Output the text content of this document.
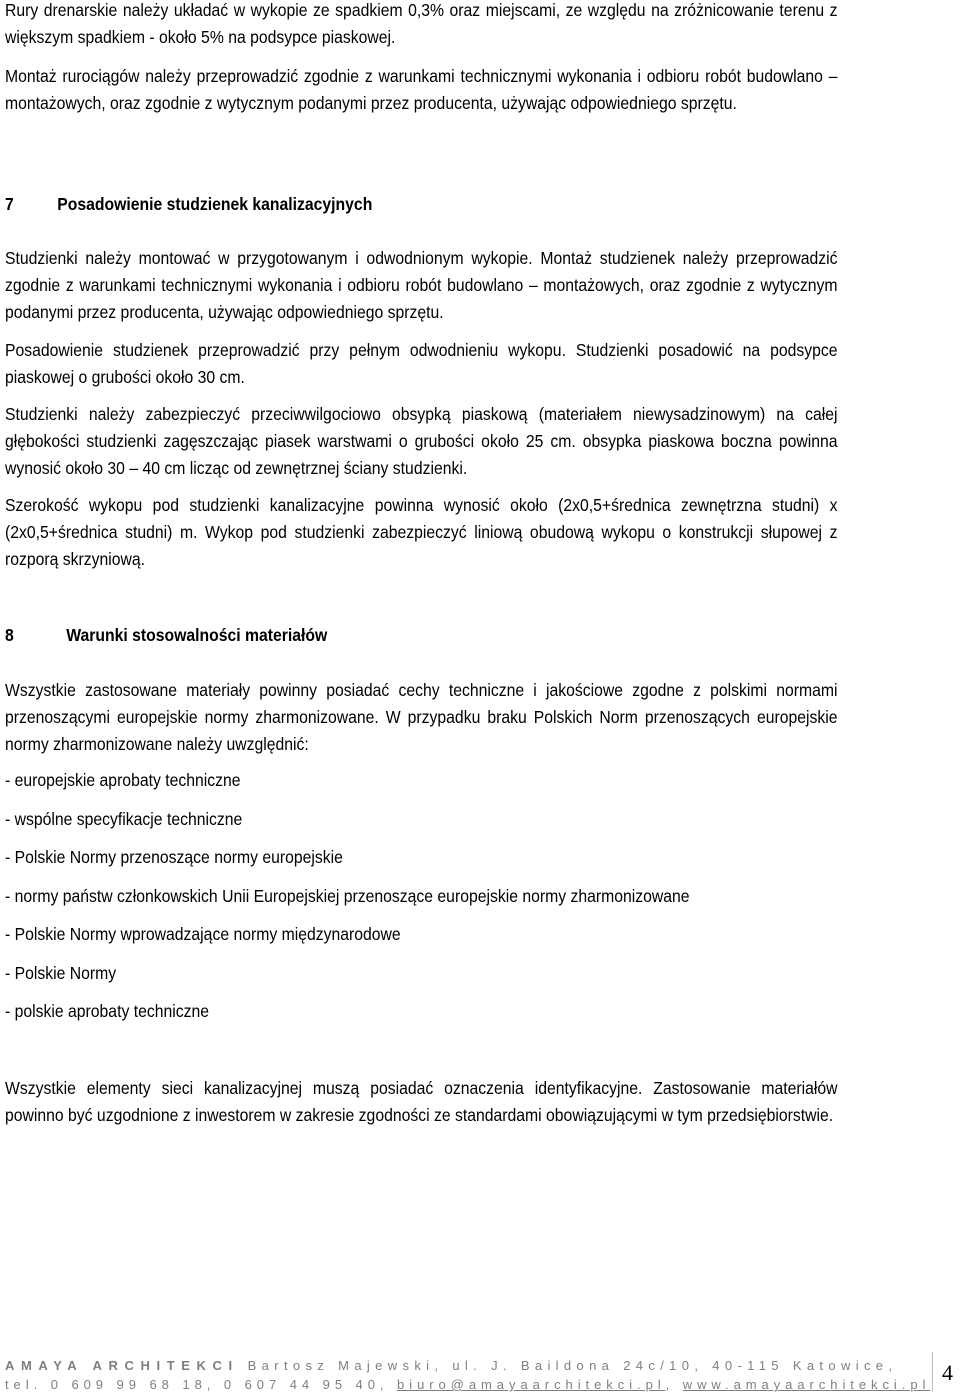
Rury drenarskie należy układać w wykopie ze spadkiem 0,3% oraz miejscami, ze względu na zróżnicowanie terenu z większym spadkiem - około 5% na podsypce piaskowej.

Montaż rurociągów należy przeprowadzić zgodnie z warunkami technicznymi wykonania i odbioru robót budowlano – montażowych, oraz zgodnie z wytycznym podanymi przez producenta, używając odpowiedniego sprzętu.

7 Posadowienie studzienek kanalizacyjnych

Studzienki należy montować w przygotowanym i odwodnionym wykopie. Montaż studzienek należy przeprowadzić zgodnie z warunkami technicznymi wykonania i odbioru robót budowlano – montażowych, oraz zgodnie z wytycznym podanymi przez producenta, używając odpowiedniego sprzętu.

Posadowienie studzienek przeprowadzić przy pełnym odwodnieniu wykopu. Studzienki posadowić na podsypce piaskowej o grubości około 30 cm.

Studzienki należy zabezpieczyć przeciwwilgociowo obsypką piaskową (materiałem niewysadzinowym) na całej głębokości studzienki zagęszczając piasek warstwami o grubości około 25 cm. obsypka piaskowa boczna powinna wynosić około 30 – 40 cm licząc od zewnętrznej ściany studzienki.

Szerokość wykopu pod studzienki kanalizacyjne powinna wynosić około (2x0,5+średnica zewnętrzna studni) x (2x0,5+średnica studni) m. Wykop pod studzienki zabezpieczyć liniową obudową wykopu o konstrukcji słupowej z rozporą skrzyniową.

8	Warunki stosowalności materiałów

Wszystkie zastosowane materiały powinny posiadać cechy techniczne i jakościowe zgodne z polskimi normami przenoszącymi europejskie normy zharmonizowane. W przypadku braku Polskich Norm przenoszących europejskie normy zharmonizowane należy uwzględnić:

- europejskie aprobaty techniczne

- wspólne specyfikacje techniczne

- Polskie Normy przenoszące normy europejskie

- normy państw członkowskich Unii Europejskiej przenoszące europejskie normy zharmonizowane

- Polskie Normy wprowadzające normy międzynarodowe

- Polskie Normy

- polskie aprobaty techniczne

Wszystkie elementy sieci kanalizacyjnej muszą posiadać oznaczenia identyfikacyjne. Zastosowanie materiałów powinno być uzgodnione z inwestorem w zakresie zgodności ze standardami obowiązującymi w tym przedsiębiorstwie.

AMAYA ARCHITEKCI Bartosz Majewski, ul. J. Baildona 24c/10, 40-115 Katowice,
tel. 0 609 99 68 18, 0 607 44 95 40, biuro@amayaarchitekci.pl, www.amayaarchitekci.pl 4
